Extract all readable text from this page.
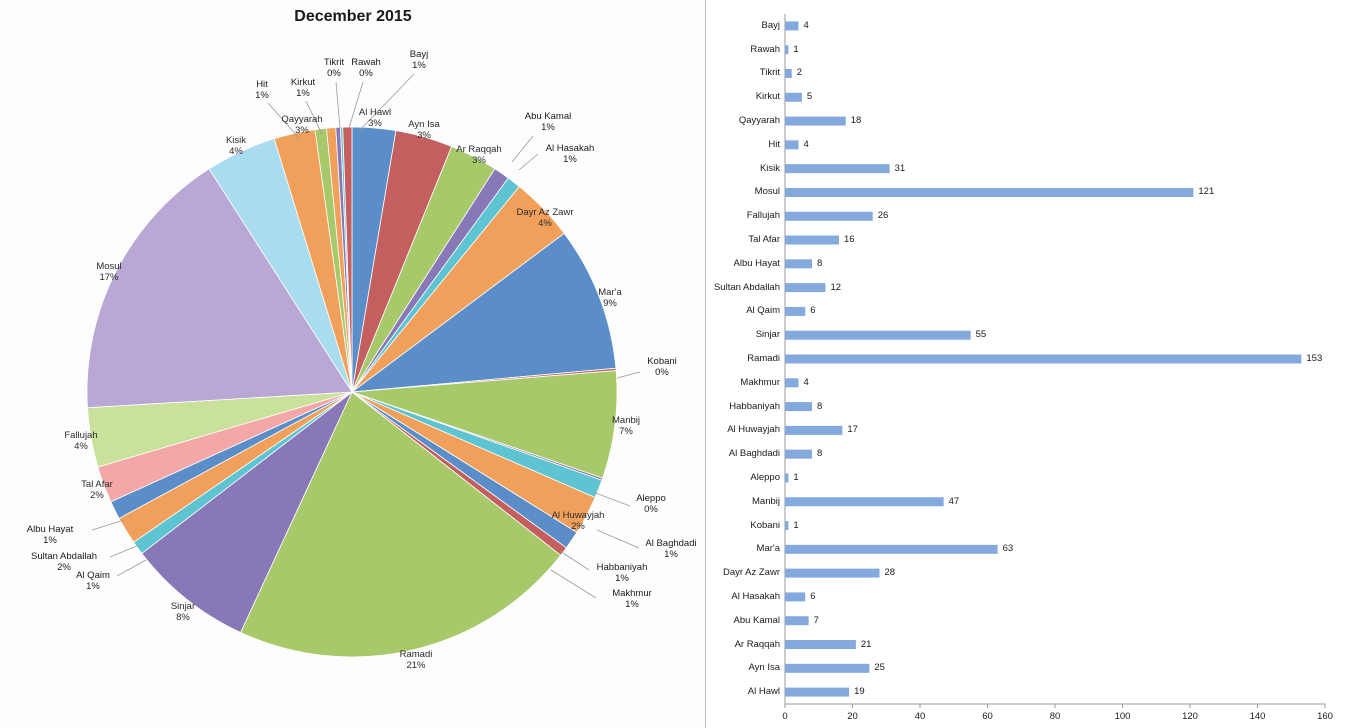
December 2015
Al Hawl
3%	Ayn Isa
3%
Ar Raqqah
3%
Abu Kamal
1%
Al Hasakah
1%
Dayr Az Zawr
4%
Mar'a
9%
Kobani
0%
Manbij
7%
Aleppo
0%
Al Baghdadi
1%
Al Huwayjah
2%
Habbaniyah
1%
Makhmur
1%
Ramadi
21%
Sinjar
8%
Al Qaim
1%
Sultan Abdallah
2%
Albu Hayat
1%
Tal Afar
2%
Fallujah
4%
Mosul
17%
Kisik
4%
Qayyarah
3%
Kirkut
1%
Hit
1%
Tikrit
0%
Rawah
0%
Bayj
1%
0	20	40	60	80	100	120	140	160
Bayj 4
Rawah 1
Tikrit 2
Kirkut	5
Qayyarah	18
Hit 4
Kisik	31
Mosul	121
Fallujah	26
Tal Afar	16
Albu Hayat	8
Sultan Abdallah	12
Al Qaim	6
Sinjar	55
Ramadi	153
Makhmur 4
Habbaniyah	8
Al Huwayjah	17
Al Baghdadi	8
Aleppo 1
Manbij	47
Kobani 1
Mar'a	63
Dayr Az Zawr	28
Al Hasakah	6
Abu Kamal	7
Ar Raqqah	21
Ayn Isa	25
Al Hawl	19
